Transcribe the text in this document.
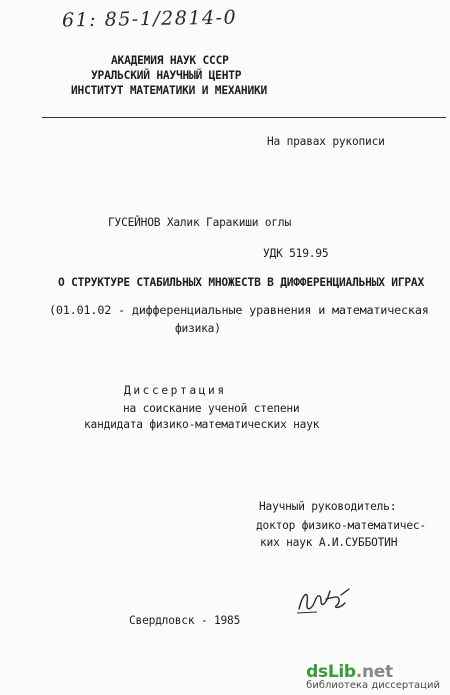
61: 85-1/2814-0
АКАДЕМИЯ НАУК СССР
УРАЛЬСКИЙ НАУЧНЫЙ ЦЕНТР
ИНСТИТУТ МАТЕМАТИКИ И МЕХАНИКИ
На правах рукописи
ГУСЕЙНОВ Халик Гаракиши оглы
УДК 519.95
О СТРУКТУРЕ СТАБИЛЬНЫХ МНОЖЕСТВ В ДИФФЕРЕНЦИАЛЬНЫХ ИГРАХ
(01.01.02 - дифференциальные уравнения и математическая
физика)
Диссертация
на соискание ученой степени
кандидата физико-математических наук
Научный руководитель:
доктор физико-математичес-
ких наук А.И.СУББОТИН
Свердловск - 1985
dsLib.net
библиотека диссертаций
